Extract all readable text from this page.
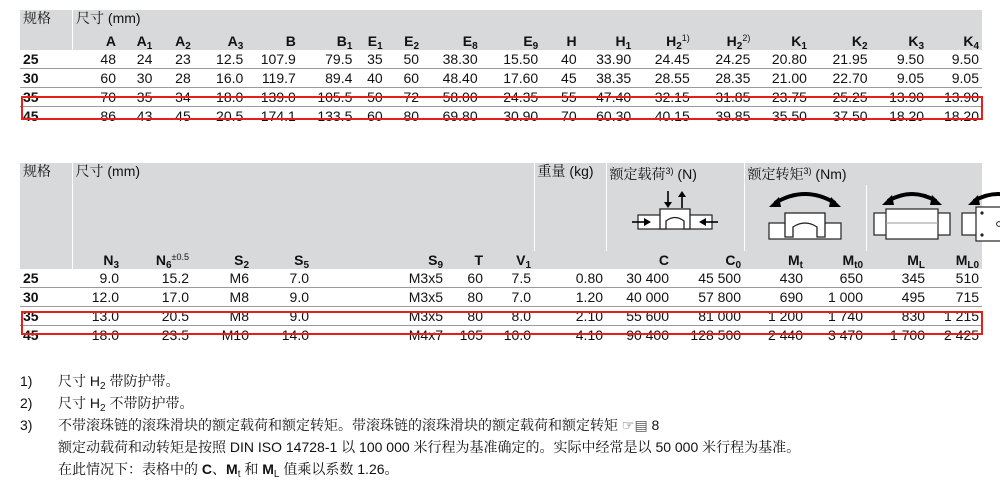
规格	尺寸 (mm)																	
	A	$A_1$	$A_2$	$A_3$	B	$B_1$	$E_1$	$E_2$	$E_8$	$E_9$	H	$H_1$	$H_2^{1)}$	$H_2^{2)}$	$K_1$	$K_2$	$K_3$	$K_4$
25	48	24	23	12.5	107.9	79.5	35	50	38.30	15.50	40	33.90	24.45	24.25	20.80	21.95	9.50	9.50
30	60	30	28	16.0	119.7	89.4	40	60	48.40	17.60	45	38.35	28.55	28.35	21.00	22.70	9.05	9.05
35	70	35	34	18.0	139.0	105.5	50	72	58.00	24.35	55	47.40	32.15	31.85	23.75	25.25	13.90	13.90
45	86	43	45	20.5	174.1	133.5	60	80	69.80	30.90	70	60.30	40.15	39.85	35.50	37.50	18.20	18.20
规格	尺寸 (mm)							重量 (kg)	额定载荷$^{3)}$ (N)		额定转矩$^{3)}$ (Nm)			

	$N_3$	$N_6^{\pm 0.5}$	$S_2$	$S_5$	$S_9$	T	$V_1$		C	$C_0$	$M_t$	$M_{t0}$	$M_L$	$M_{L0}$
25	9.0	15.2	M6	7.0	M3x5	60	7.5	0.80	30 400	45 500	430	650	345	510
30	12.0	17.0	M8	9.0	M3x5	80	7.0	1.20	40 000	57 800	690	1 000	495	715
35	13.0	20.5	M8	9.0	M3x5	80	8.0	2.10	55 600	81 000	1 200	1 740	830	1 215
45	18.0	23.5	M10	14.0	M4x7	105	10.0	4.10	90 400	128 500	2 440	3 470	1 700	2 425
1) 尺寸 $H_2$ 带防护带。
2) 尺寸 $H_2$ 不带防护带。
3) 不带滚珠链的滚珠滑块的额定载荷和额定转矩。带滚珠链的滚珠滑块的额定载荷和额定转矩 ☞▤ 8
额定动载荷和动转矩是按照 DIN ISO 14728-1 以 100 000 米行程为基准确定的。实际中经常是以 50 000 米行程为基准。
在此情况下：表格中的 C、$M_t$ 和 $M_L$ 值乘以系数 1.26。
